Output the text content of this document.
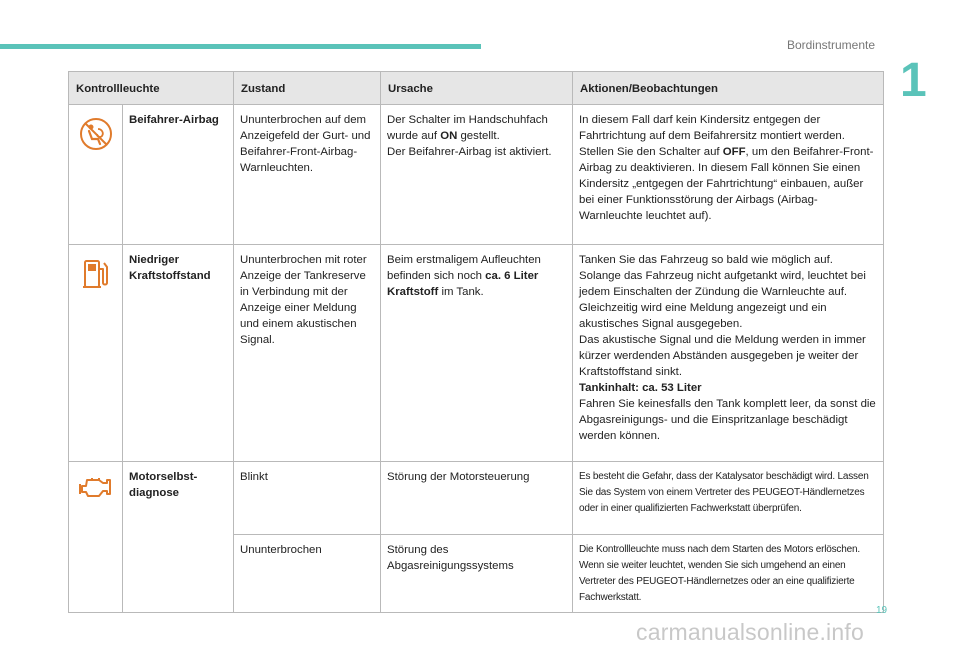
Bordinstrumente
1
Kontrollleuchte		Zustand	Ursache	Aktionen/Beobachtungen

	Beifahrer-Airbag	Ununterbrochen auf dem Anzeigefeld der Gurt- und Beifahrer-Front-Airbag-Warnleuchten.	Der Schalter im Handschuhfach wurde auf ON gestellt.
Der Beifahrer-Airbag ist aktiviert.	In diesem Fall darf kein Kindersitz entgegen der Fahrtrichtung auf dem Beifahrersitz montiert werden.
Stellen Sie den Schalter auf OFF, um den Beifahrer-Front-Airbag zu deaktivieren. In diesem Fall können Sie einen Kindersitz „entgegen der Fahrtrichtung“ einbauen, außer bei einer Funktionsstörung der Airbags (Airbag-Warnleuchte leuchtet auf).

	Niedriger
Kraftstoffstand	Ununterbrochen mit roter Anzeige der Tankreserve in Verbindung mit der Anzeige einer Meldung und einem akustischen Signal.	Beim erstmaligem Aufleuchten befinden sich noch ca. 6 Liter Kraftstoff im Tank.	Tanken Sie das Fahrzeug so bald wie möglich auf.
Solange das Fahrzeug nicht aufgetankt wird, leuchtet bei jedem Einschalten der Zündung die Warnleuchte auf. Gleichzeitig wird eine Meldung angezeigt und ein akustisches Signal ausgegeben.
Das akustische Signal und die Meldung werden in immer kürzer werdenden Abständen ausgegeben je weiter der Kraftstoffstand sinkt.
Tankinhalt: ca. 53 Liter
Fahren Sie keinesfalls den Tank komplett leer, da sonst die Abgasreinigungs- und die Einspritzanlage beschädigt werden können.

	Motorselbst-
diagnose	Blinkt	Störung der Motorsteuerung	Es besteht die Gefahr, dass der Katalysator beschädigt wird. Lassen Sie das System von einem Vertreter des PEUGEOT-Händlernetzes oder in einer qualifizierten Fachwerkstatt überprüfen.
		Ununterbrochen	Störung des Abgasreinigungssystems	Die Kontrollleuchte muss nach dem Starten des Motors erlöschen. Wenn sie weiter leuchtet, wenden Sie sich umgehend an einen Vertreter des PEUGEOT-Händlernetzes oder an eine qualifizierte Fachwerkstatt.
19
carmanualsonline.info
